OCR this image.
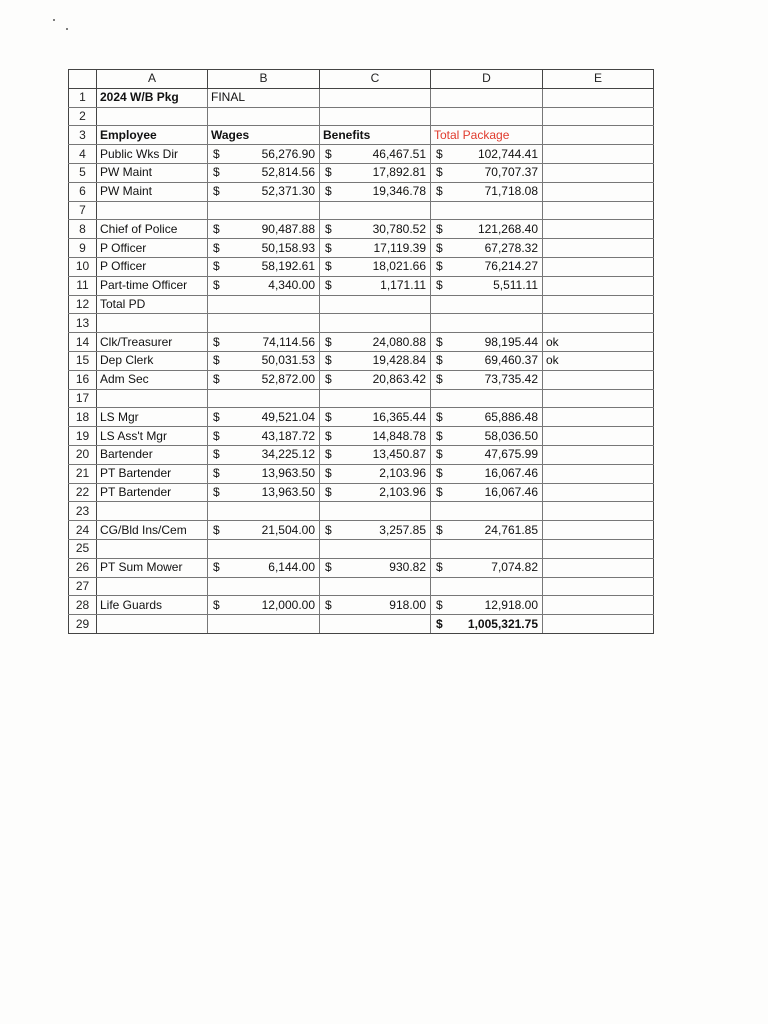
	A	B	C	D	E
1	2024 W/B Pkg	FINAL			
2					
3	Employee	Wages	Benefits	Total Package	
4	Public Wks Dir	$ 56,276.90	$ 46,467.51	$ 102,744.41	

5	PW Maint	$ 52,814.56	$ 17,892.81	$ 70,707.37	

6	PW Maint	$ 52,371.30	$ 19,346.78	$ 71,718.08	

7					
8	Chief of Police	$ 90,487.88	$ 30,780.52	$ 121,268.40	

9	P Officer	$ 50,158.93	$ 17,119.39	$ 67,278.32	

10	P Officer	$ 58,192.61	$ 18,021.66	$ 76,214.27	

11	Part-time Officer	$ 4,340.00	$ 1,171.11	$ 5,511.11	

12	Total PD				
13					
14	Clk/Treasurer	$ 74,114.56	$ 24,080.88	$ 98,195.44	ok
15	Dep Clerk	$ 50,031.53	$ 19,428.84	$ 69,460.37	ok
16	Adm Sec	$ 52,872.00	$ 20,863.42	$ 73,735.42	

17					
18	LS Mgr	$ 49,521.04	$ 16,365.44	$ 65,886.48	

19	LS Ass't Mgr	$ 43,187.72	$ 14,848.78	$ 58,036.50	

20	Bartender	$ 34,225.12	$ 13,450.87	$ 47,675.99	

21	PT Bartender	$ 13,963.50	$ 2,103.96	$ 16,067.46	

22	PT Bartender	$ 13,963.50	$ 2,103.96	$ 16,067.46	

23					
24	CG/Bld Ins/Cem	$ 21,504.00	$ 3,257.85	$ 24,761.85	

25					
26	PT Sum Mower	$ 6,144.00	$ 930.82	$ 7,074.82	

27					
28	Life Guards	$ 12,000.00	$ 918.00	$ 12,918.00	

29				$ 1,005,321.75	
